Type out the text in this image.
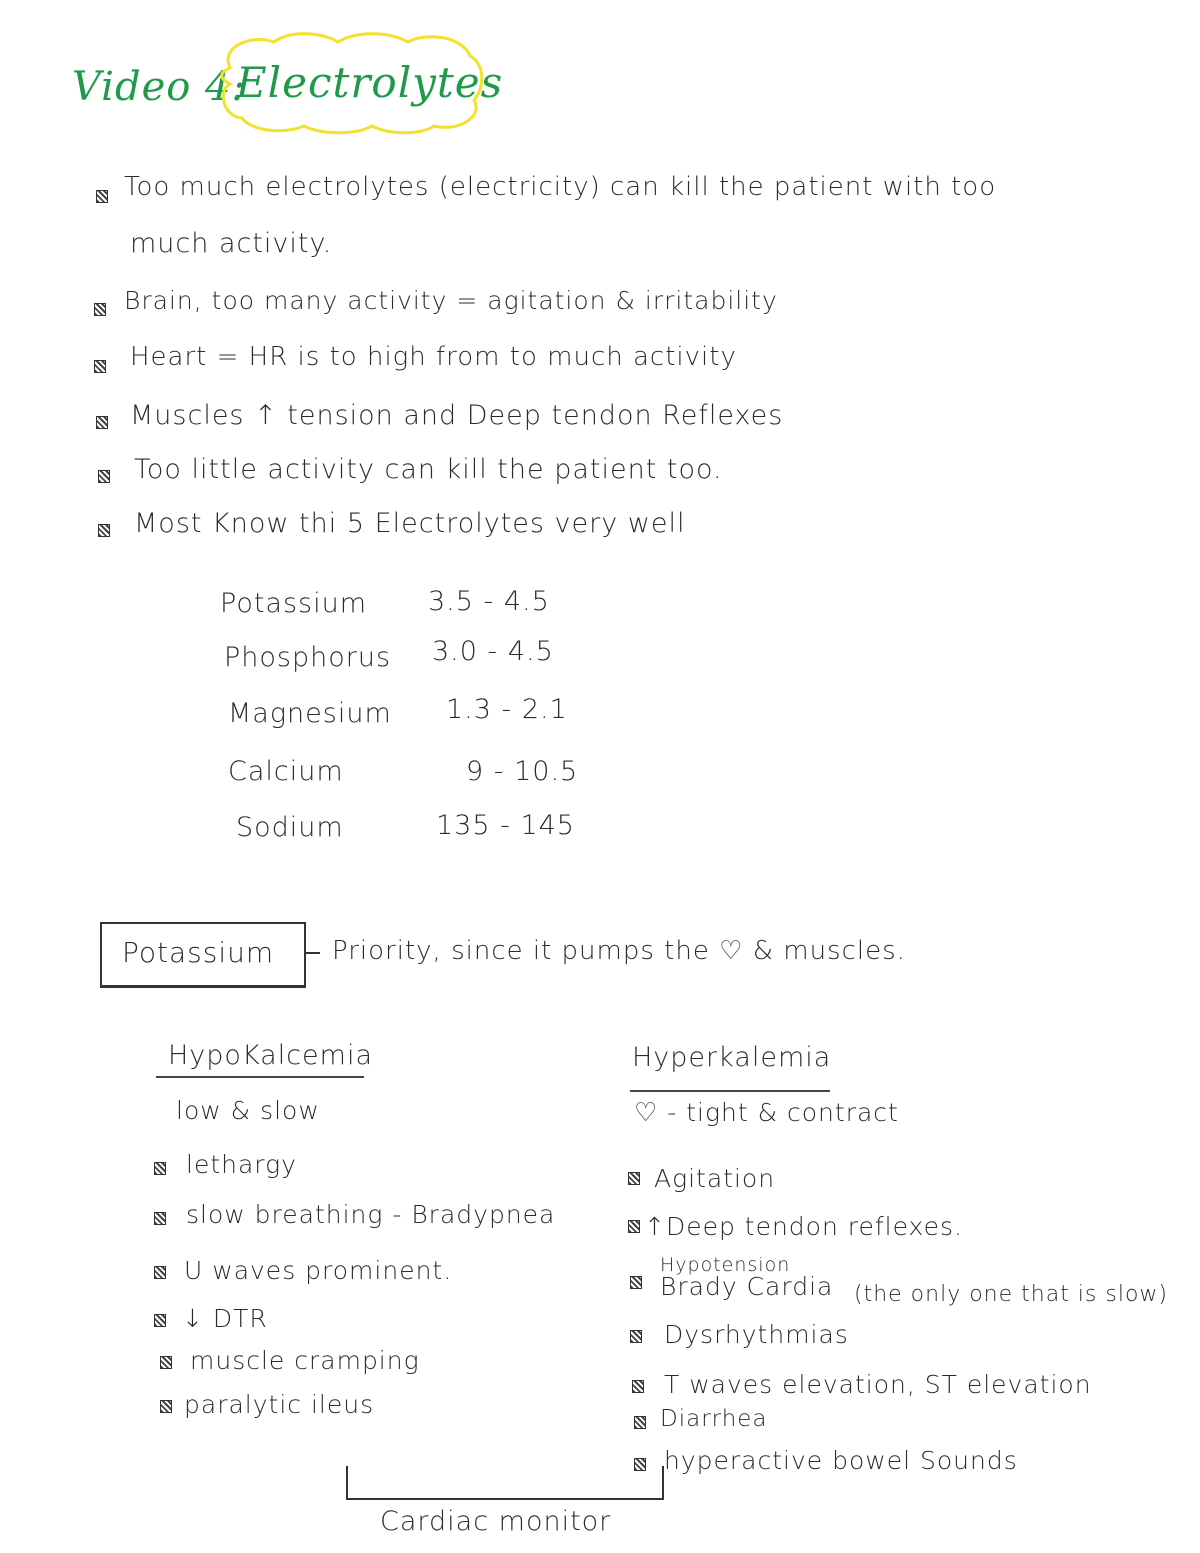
Video 4:
Electrolytes
Too much electrolytes (electricity) can kill the patient with too
much activity.
Brain, too many activity = agitation & irritability
Heart = HR is to high from to much activity
Muscles ↑ tension and Deep tendon Reflexes
Too little activity can kill the patient too.
Most Know thi 5 Electrolytes very well
Potassium 3.5 - 4.5
Phosphorus 3.0 - 4.5
Magnesium 1.3 - 2.1
Calcium	9 - 10.5
Sodium	135 - 145
Potassium Priority, since it pumps the ♡ & muscles.
HypoKalcemia
low & slow
lethargy
slow breathing - Bradypnea
U waves prominent.
↓ DTR
muscle cramping
paralytic ileus
Hyperkalemia
♡ - tight & contract
Agitation
↑Deep tendon reflexes.
Hypotension
Brady Cardia (the only one that is slow)
Dysrhythmias
T waves elevation, ST elevation
Diarrhea
hyperactive bowel Sounds
Cardiac monitor
